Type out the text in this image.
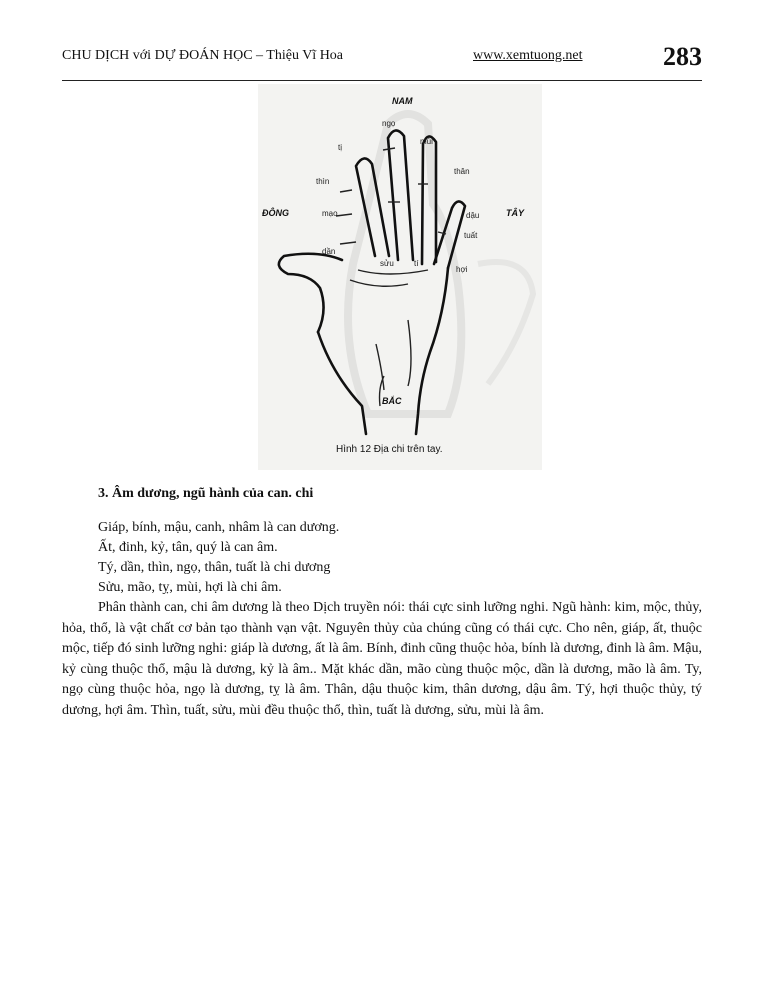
CHU DỊCH với DỰ ĐOÁN HỌC – Thiệu Vĩ Hoa	www.xemtuong.net	283
NAM
BẮC
ĐÔNG	TÂY
ngọ
mùi
tị
thìn
thân
mạo	dậu
tuất
dần
sửu	tí
hợi
Hình 12 Địa chi trên tay.
3. Âm dương, ngũ hành của can. chi
Giáp, bính, mậu, canh, nhâm là can dương.
Ất, đinh, kỷ, tân, quý là can âm.
Tý, dần, thìn, ngọ, thân, tuất là chi dương
Sửu, mão, tỵ, mùi, hợi là chi âm.
Phân thành can, chi âm dương là theo Dịch truyền nói: thái cực sinh lưỡng nghi. Ngũ hành: kim, mộc, thủy, hỏa, thổ, là vật chất cơ bản tạo thành vạn vật. Nguyên thủy của chúng cũng có thái cực. Cho nên, giáp, ất, thuộc mộc, tiếp đó sinh lưỡng nghi: giáp là dương, ất là âm. Bính, đinh cũng thuộc hỏa, bính là dương, đinh là âm. Mậu, kỷ cùng thuộc thổ, mậu là dương, kỷ là âm.. Mặt khác dần, mão cùng thuộc mộc, dần là dương, mão là âm. Ty, ngọ cùng thuộc hỏa, ngọ là dương, tỵ là âm. Thân, dậu thuộc kim, thân dương, dậu âm. Tý, hợi thuộc thủy, tý dương, hợi âm. Thìn, tuất, sửu, mùi đều thuộc thổ, thìn, tuất là dương, sửu, mùi là âm.
